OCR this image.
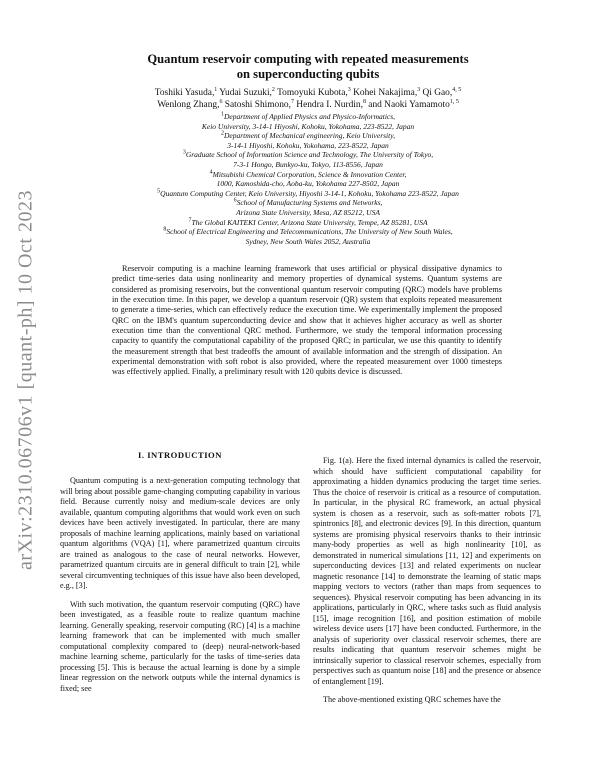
arXiv:2310.06706v1 [quant-ph] 10 Oct 2023
Quantum reservoir computing with repeated measurements
on superconducting qubits
Toshiki Yasuda,$^1$ Yudai Suzuki,$^2$ Tomoyuki Kubota,$^3$ Kohei Nakajima,$^3$ Qi Gao,$^{4, 5}$
Wenlong Zhang,$^6$ Satoshi Shimono,$^7$ Hendra I. Nurdin,$^8$ and Naoki Yamamoto$^{1, 5}$
$^1$Department of Applied Physics and Physico-Informatics,
Keio University, 3-14-1 Hiyoshi, Kohoku, Yokohama, 223-8522, Japan
$^2$Department of Mechanical engineering, Keio University,
3-14-1 Hiyoshi, Kohoku, Yokohama, 223-8522, Japan
$^3$Graduate School of Information Science and Technology, The University of Tokyo,
7-3-1 Hongo, Bunkyo-ku, Tokyo, 113-8556, Japan
$^4$Mitsubishi Chemical Corporation, Science & Innovation Center,
1000, Kamoshida-cho, Aoba-ku, Yokohama 227-8502, Japan
$^5$Quantum Computing Center, Keio University, Hiyoshi 3-14-1, Kohoku, Yokohama 223-8522, Japan
$^6$School of Manufacturing Systems and Networks,
Arizona State University, Mesa, AZ 85212, USA
$^7$The Global KAITEKI Center, Arizona State University, Tempe, AZ 85281, USA
$^8$School of Electrical Engineering and Telecommunications, The University of New South Wales,
Sydney, New South Wales 2052, Australia

Reservoir computing is a machine learning framework that uses artificial or physical dissipative dynamics to predict time-series data using nonlinearity and memory properties of dynamical systems. Quantum systems are considered as promising reservoirs, but the conventional quantum reservoir computing (QRC) models have problems in the execution time. In this paper, we develop a quantum reservoir (QR) system that exploits repeated measurement to generate a time-series, which can effectively reduce the execution time. We experimentally implement the proposed QRC on the IBM's quantum superconducting device and show that it achieves higher accuracy as well as shorter execution time than the conventional QRC method. Furthermore, we study the temporal information processing capacity to quantify the computational capability of the proposed QRC; in particular, we use this quantity to identify the measurement strength that best tradeoffs the amount of available information and the strength of dissipation. An experimental demonstration with soft robot is also provided, where the repeated measurement over 1000 timesteps was effectively applied. Finally, a preliminary result with 120 qubits device is discussed.

I. INTRODUCTION

Quantum computing is a next-generation computing technology that will bring about possible game-changing computing capability in various field. Because currently noisy and medium-scale devices are only available, quantum computing algorithms that would work even on such devices have been actively investigated. In particular, there are many proposals of machine learning applications, mainly based on variational quantum algorithms (VQA) [1], where parametrized quantum circuits are trained as analogous to the case of neural networks. However, parametrized quantum circuits are in general difficult to train [2], while several circumventing techniques of this issue have also been developed, e.g., [3].

With such motivation, the quantum reservoir computing (QRC) have been investigated, as a feasible route to realize quantum machine learning. Generally speaking, reservoir computing (RC) [4] is a machine learning framework that can be implemented with much smaller computational complexity compared to (deep) neural-network-based machine learning scheme, particularly for the tasks of time-series data processing [5]. This is because the actual learning is done by a simple linear regression on the network outputs while the internal dynamics is fixed; see

Fig. 1(a). Here the fixed internal dynamics is called the reservoir, which should have sufficient computational capability for approximating a hidden dynamics producing the target time series. Thus the choice of reservoir is critical as a resource of computation. In particular, in the physical RC framework, an actual physical system is chosen as a reservoir, such as soft-matter robots [7], spintronics [8], and electronic devices [9]. In this direction, quantum systems are promising physical reservoirs thanks to their intrinsic many-body properties as well as high nonlinearity [10], as demonstrated in numerical simulations [11, 12] and experiments on superconducting devices [13] and related experiments on nuclear magnetic resonance [14] to demonstrate the learning of static maps mapping vectors to vectors (rather than maps from sequences to sequences). Physical reservoir computing has been advancing in its applications, particularly in QRC, where tasks such as fluid analysis [15], image recognition [16], and position estimation of mobile wireless device users [17] have been conducted. Furthermore, in the analysis of superiority over classical reservoir schemes, there are results indicating that quantum reservoir schemes might be intrinsically superior to classical reservoir schemes, especially from perspectives such as quantum noise [18] and the presence or absence of entanglement [19].

The above-mentioned existing QRC schemes have the
